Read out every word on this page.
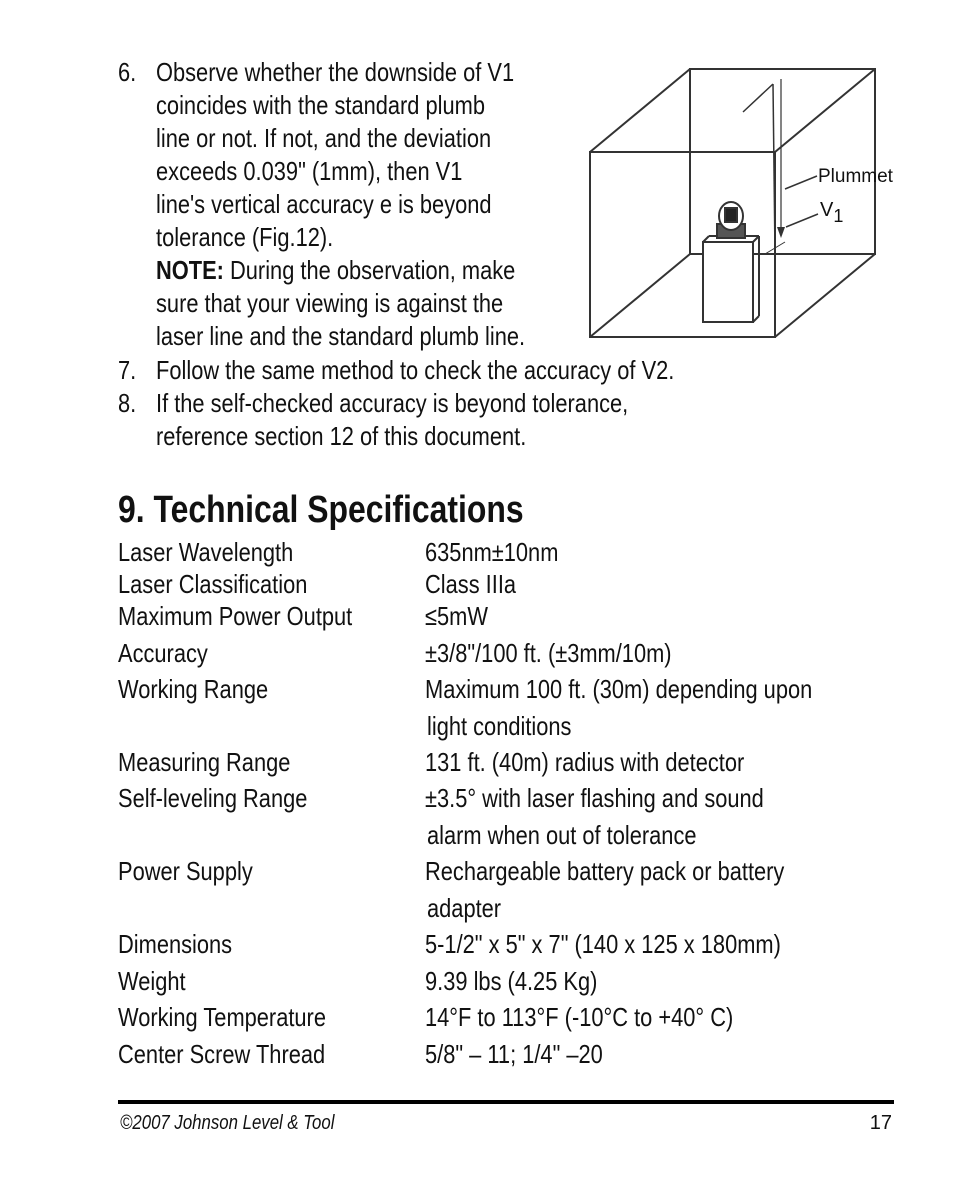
6. Observe whether the downside of V1
coincides with the standard plumb
line or not. If not, and the deviation
exceeds 0.039" (1mm), then V1
line's vertical accuracy e is beyond
tolerance (Fig.12).
NOTE: During the observation, make
sure that your viewing is against the
laser line and the standard plumb line.
7. Follow the same method to check the accuracy of V2.
8. If the self-checked accuracy is beyond tolerance,
reference section 12 of this document.
Plummet
V1
9. Technical Specifications
Laser Wavelength	635nm±10nm
Laser Classification	Class IIIa
Maximum Power Output	≤5mW
Accuracy	±3/8"/100 ft. (±3mm/10m)
Working Range	Maximum 100 ft. (30m) depending upon
light conditions
Measuring Range	131 ft. (40m) radius with detector
Self-leveling Range	±3.5° with laser flashing and sound
alarm when out of tolerance
Power Supply	Rechargeable battery pack or battery
adapter
Dimensions	5-1/2" x 5" x 7" (140 x 125 x 180mm)
Weight	9.39 lbs (4.25 Kg)
Working Temperature	14°F to 113°F (-10°C to +40° C)
Center Screw Thread	5/8" – 11; 1/4" –20
©2007 Johnson Level & Tool	17
